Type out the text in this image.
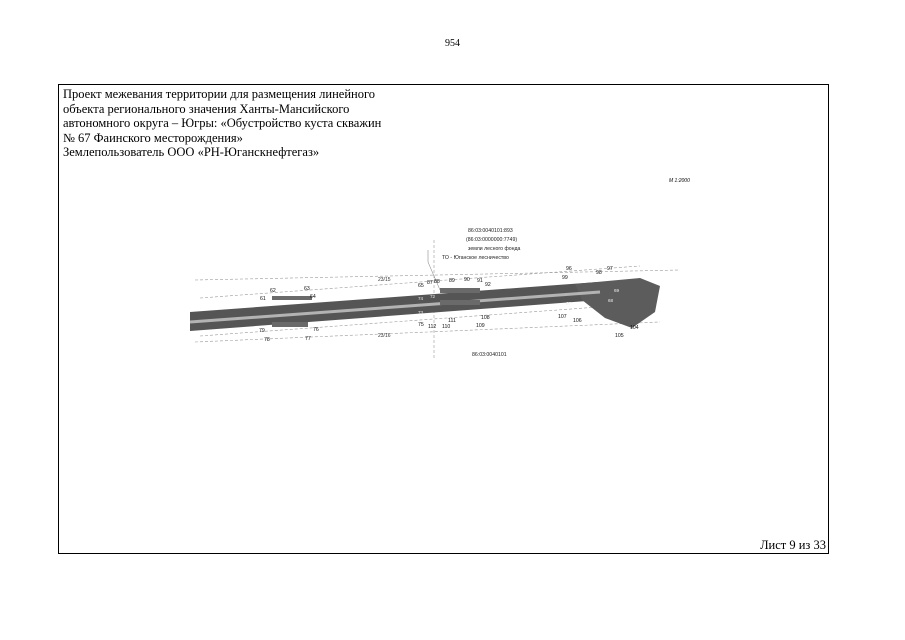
954
86:03:0040101:893
(86:03:0000000:7749)
земли лесного фонда
ТО - Юганское лесничество
86:03:0040101
23/15
23/16
61
62	63
64
65 87 88 89 90 91
92
96	97
98
99
79
78
76
77
75 112 110
111
109
108	107
106
105
104
73
74 72
67
68
69
Проект межевания территории для размещения линейного
объекта регионального значения Ханты-Мансийского
автономного округа – Югры: «Обустройство куста скважин
№ 67 Фаинского месторождения»
Землепользователь ООО «РН-Юганскнефтегаз»
M 1:2000
Лист 9 из 33
